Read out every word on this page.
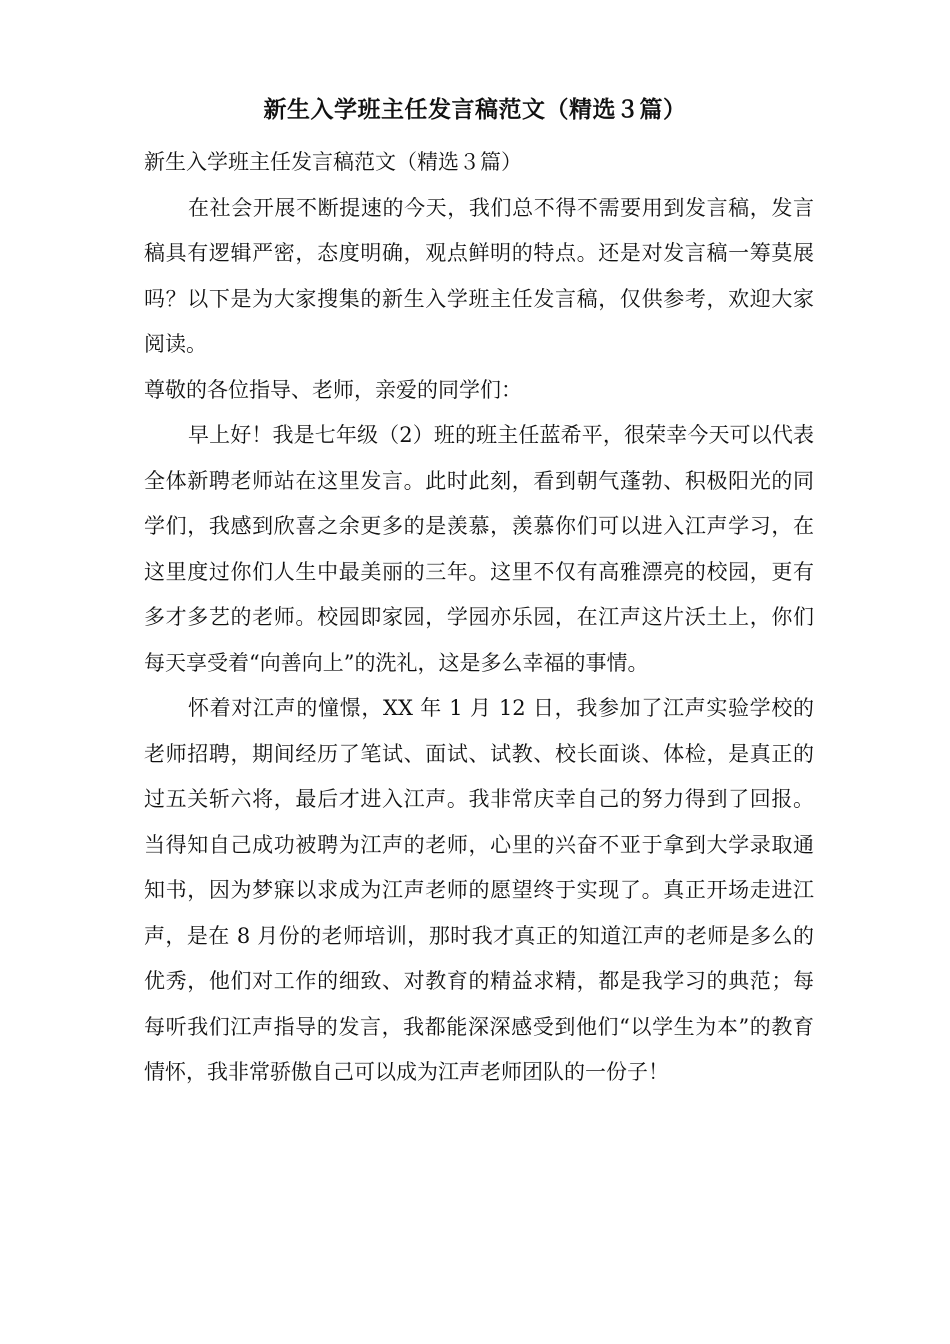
新生入学班主任发言稿范文（精选３篇）

新生入学班主任发言稿范文（精选３篇）

在社会开展不断提速的今天，我们总不得不需要用到发言稿，发言稿具有逻辑严密，态度明确，观点鲜明的特点。还是对发言稿一筹莫展吗？以下是为大家搜集的新生入学班主任发言稿，仅供参考，欢迎大家阅读。

尊敬的各位指导、老师，亲爱的同学们：

早上好！我是七年级（2）班的班主任蓝希平，很荣幸今天可以代表全体新聘老师站在这里发言。此时此刻，看到朝气蓬勃、积极阳光的同学们，我感到欣喜之余更多的是羡慕，羡慕你们可以进入江声学习，在这里度过你们人生中最美丽的三年。这里不仅有高雅漂亮的校园，更有多才多艺的老师。校园即家园，学园亦乐园，在江声这片沃土上，你们每天享受着“向善向上”的洗礼，这是多么幸福的事情。

怀着对江声的憧憬，XX 年 1 月 12 日，我参加了江声实验学校的老师招聘，期间经历了笔试、面试、试教、校长面谈、体检，是真正的过五关斩六将，最后才进入江声。我非常庆幸自己的努力得到了回报。当得知自己成功被聘为江声的老师，心里的兴奋不亚于拿到大学录取通知书，因为梦寐以求成为江声老师的愿望终于实现了。真正开场走进江声，是在 8 月份的老师培训，那时我才真正的知道江声的老师是多么的优秀，他们对工作的细致、对教育的精益求精，都是我学习的典范；每每听我们江声指导的发言，我都能深深感受到他们“以学生为本”的教育情怀，我非常骄傲自己可以成为江声老师团队的一份子！
